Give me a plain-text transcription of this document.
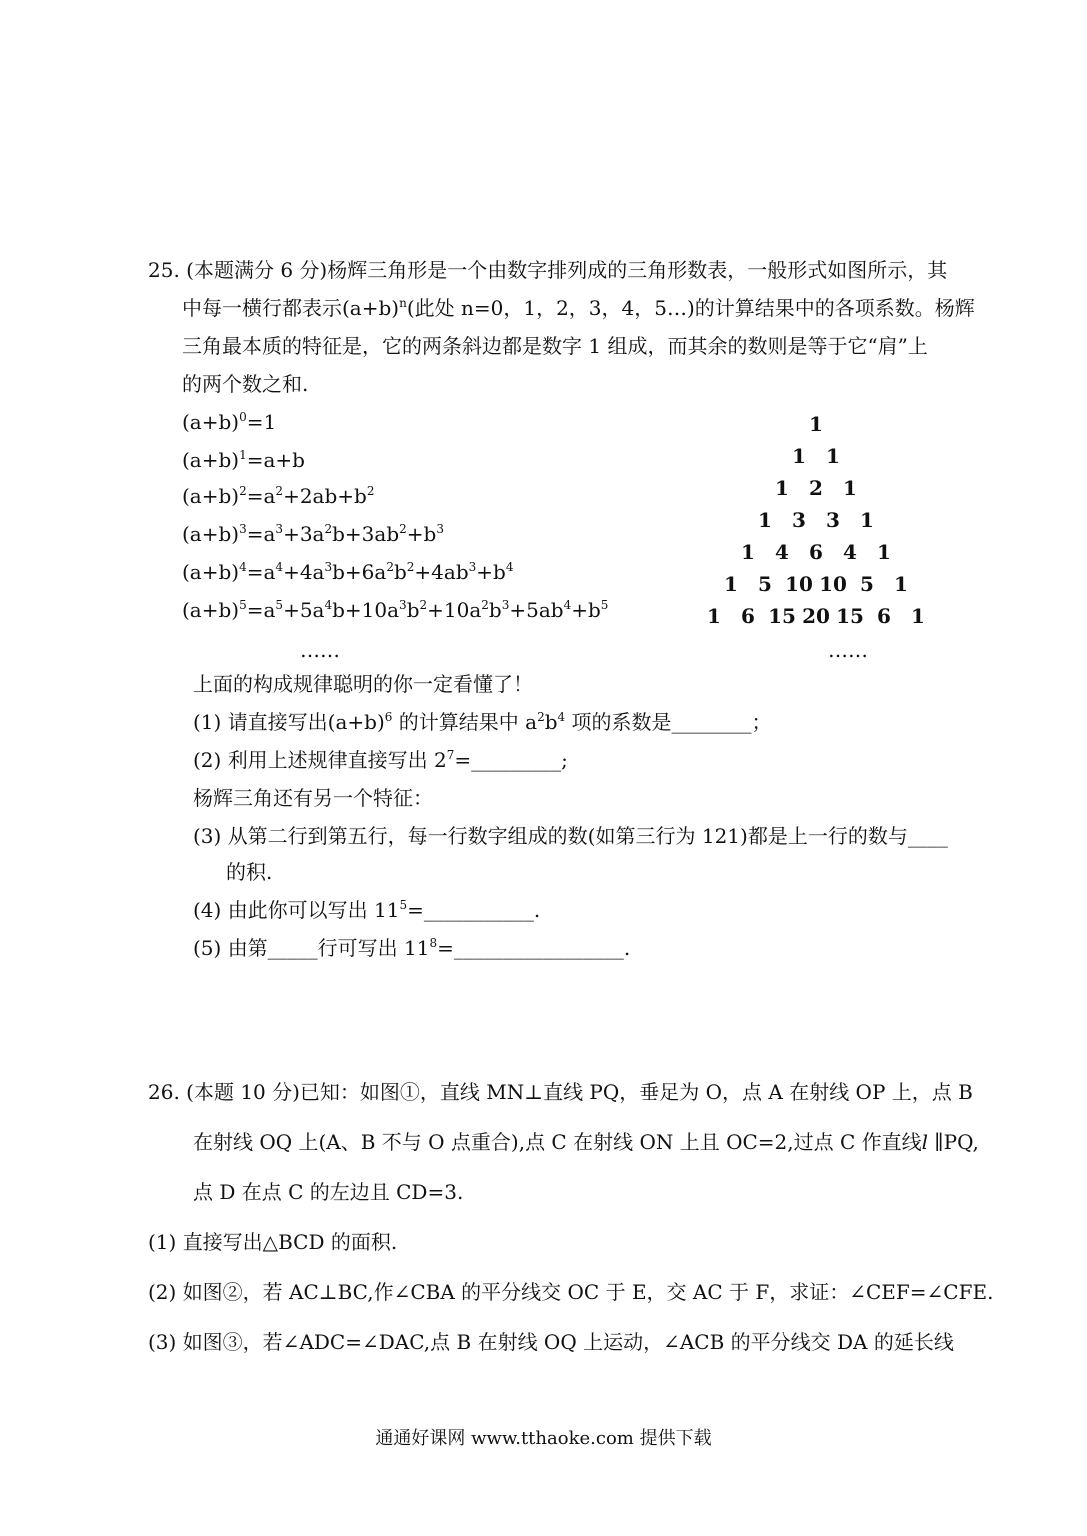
25. (本题满分 6 分)杨辉三角形是一个由数字排列成的三角形数表，一般形式如图所示，其
中每一横行都表示$(a+b)^n$(此处 n=0，1，2，3，4，5…)的计算结果中的各项系数。杨辉
三角最本质的特征是，它的两条斜边都是数字 1 组成，而其余的数则是等于它“肩”上
的两个数之和.
$(a+b)^0=1$
$(a+b)^1=a+b$
$(a+b)^2=a^2+2ab+b^2$
$(a+b)^3=a^3+3a^2b+3ab^2+b^3$
$(a+b)^4=a^4+4a^3b+6a^2b^2+4ab^3+b^4$
$(a+b)^5=a^5+5a^4b+10a^3b^2+10a^2b^3+5ab^4+b^5$
……
1
1 1
1 2 1
1 3 3 1
1 4 6 4 1
1 5 10 10 5 1
1 6 15 20 15 6 1
……
上面的构成规律聪明的你一定看懂了！
(1) 请直接写出$(a+b)^6$ 的计算结果中 $a^2b^4$ 项的系数是________；
(2) 利用上述规律直接写出 $2^7=\_\_\_\_\_\_\_\_\_$;
杨辉三角还有另一个特征：
(3) 从第二行到第五行，每一行数字组成的数(如第三行为 121)都是上一行的数与____
的积.
(4) 由此你可以写出 $11^5=\_\_\_\_\_\_\_\_\_\_\_$.
(5) 由第_____行可写出 $11^8=\_\_\_\_\_\_\_\_\_\_\_\_\_\_\_\_\_$.
26. (本题 10 分)已知：如图①，直线 MN⊥直线 PQ，垂足为 O，点 A 在射线 OP 上，点 B
在射线 OQ 上(A、B 不与 O 点重合),点 C 在射线 ON 上且 OC=2,过点 C 作直线l ∥PQ,
点 D 在点 C 的左边且 CD=3.
(1) 直接写出△BCD 的面积.
(2) 如图②，若 AC⊥BC,作∠CBA 的平分线交 OC 于 E，交 AC 于 F，求证：∠CEF=∠CFE.
(3) 如图③，若∠ADC=∠DAC,点 B 在射线 OQ 上运动，∠ACB 的平分线交 DA 的延长线
通通好课网 www.tthaoke.com 提供下载
